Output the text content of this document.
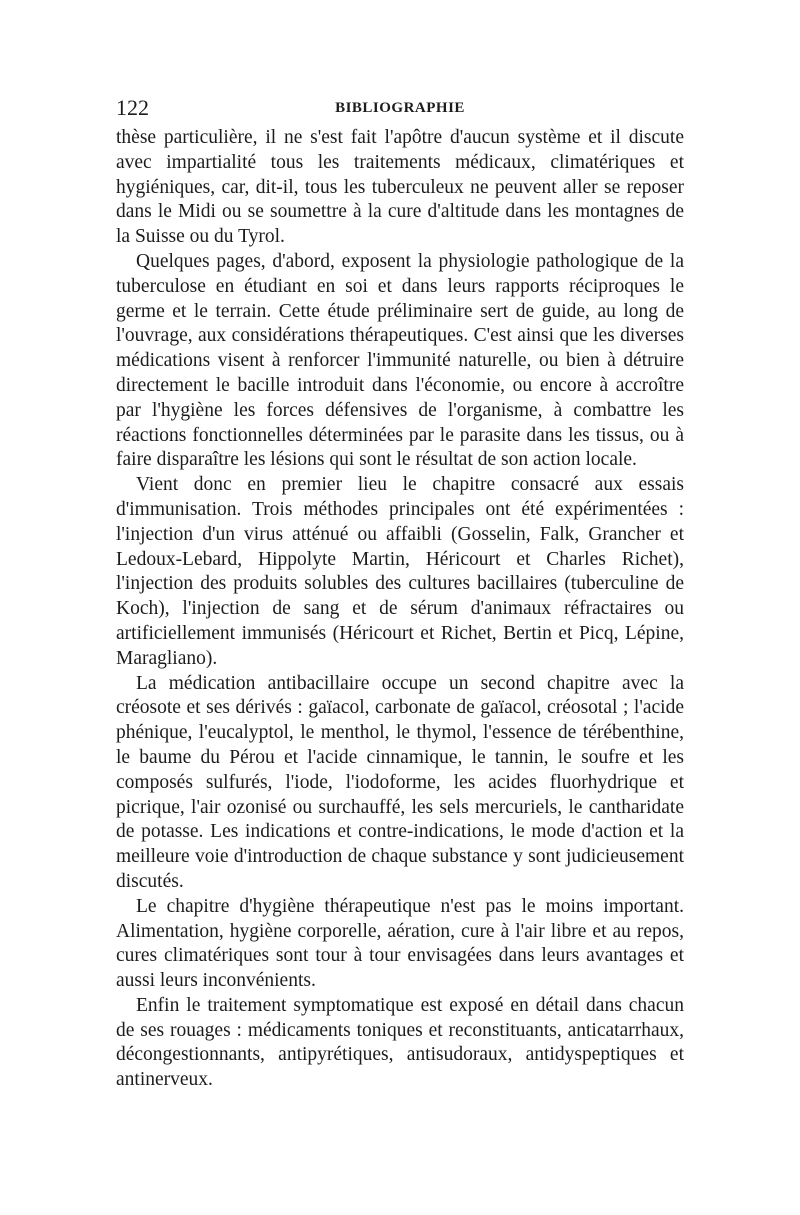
122	BIBLIOGRAPHIE

thèse particulière, il ne s'est fait l'apôtre d'aucun système et il discute avec impartialité tous les traitements médicaux, climatériques et hygiéniques, car, dit-il, tous les tuberculeux ne peuvent aller se reposer dans le Midi ou se soumettre à la cure d'altitude dans les montagnes de la Suisse ou du Tyrol.

Quelques pages, d'abord, exposent la physiologie pathologique de la tuberculose en étudiant en soi et dans leurs rapports réciproques le germe et le terrain. Cette étude préliminaire sert de guide, au long de l'ouvrage, aux considérations thérapeutiques. C'est ainsi que les diverses médications visent à renforcer l'immunité naturelle, ou bien à détruire directement le bacille introduit dans l'économie, ou encore à accroître par l'hygiène les forces défensives de l'organisme, à combattre les réactions fonctionnelles déterminées par le parasite dans les tissus, ou à faire disparaître les lésions qui sont le résultat de son action locale.

Vient donc en premier lieu le chapitre consacré aux essais d'immunisation. Trois méthodes principales ont été expérimentées : l'injection d'un virus atténué ou affaibli (Gosselin, Falk, Grancher et Ledoux-Lebard, Hippolyte Martin, Héricourt et Charles Richet), l'injection des produits solubles des cultures bacillaires (tuberculine de Koch), l'injection de sang et de sérum d'animaux réfractaires ou artificiellement immunisés (Héricourt et Richet, Bertin et Picq, Lépine, Maragliano).

La médication antibacillaire occupe un second chapitre avec la créosote et ses dérivés : gaïacol, carbonate de gaïacol, créosotal ; l'acide phénique, l'eucalyptol, le menthol, le thymol, l'essence de térébenthine, le baume du Pérou et l'acide cinnamique, le tannin, le soufre et les composés sulfurés, l'iode, l'iodoforme, les acides fluorhydrique et picrique, l'air ozonisé ou surchauffé, les sels mercuriels, le cantharidate de potasse. Les indications et contre-indications, le mode d'action et la meilleure voie d'introduction de chaque substance y sont judicieusement discutés.

Le chapitre d'hygiène thérapeutique n'est pas le moins important. Alimentation, hygiène corporelle, aération, cure à l'air libre et au repos, cures climatériques sont tour à tour envisagées dans leurs avantages et aussi leurs inconvénients.

Enfin le traitement symptomatique est exposé en détail dans chacun de ses rouages : médicaments toniques et reconstituants, anticatarrhaux, décongestionnants, antipyrétiques, antisudoraux, antidyspeptiques et antinerveux.
